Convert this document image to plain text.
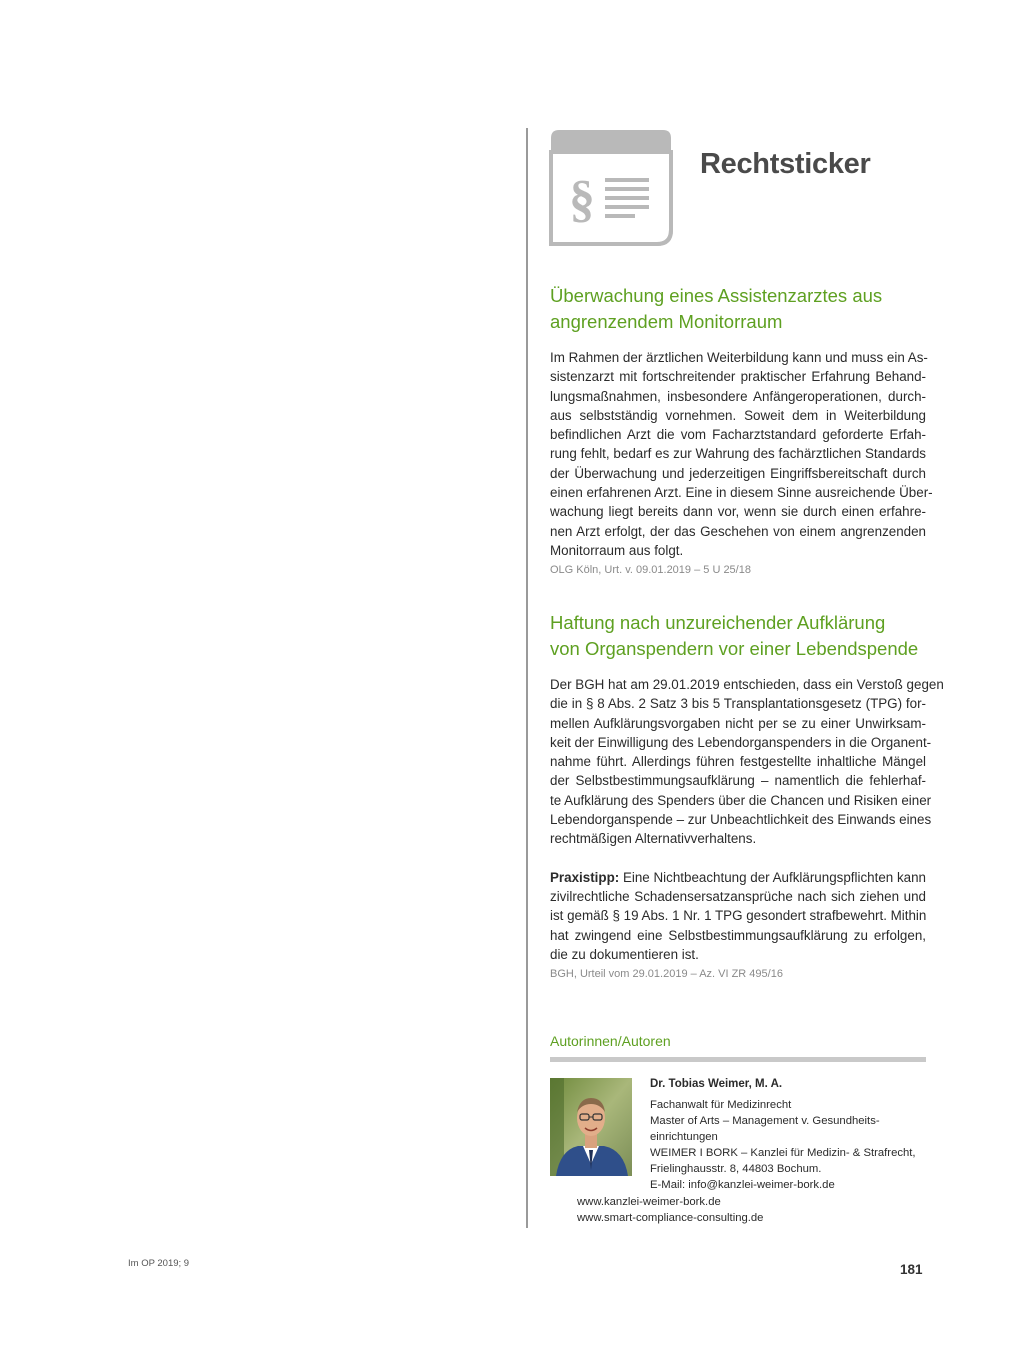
§
Rechtsticker
Überwachung eines Assistenzarztes aus
angrenzendem Monitorraum

Im Rahmen der ärztlichen Weiterbildung kann und muss ein As-
sistenzarzt mit fortschreitender praktischer Erfahrung Behand-
lungsmaßnahmen, insbesondere Anfängeroperationen, durch-
aus selbstständig vornehmen. Soweit dem in Weiterbildung
befindlichen Arzt die vom Facharztstandard geforderte Erfah-
rung fehlt, bedarf es zur Wahrung des fachärztlichen Standards
der Überwachung und jederzeitigen Eingriffsbereitschaft durch
einen erfahrenen Arzt. Eine in diesem Sinne ausreichende Über-
wachung liegt bereits dann vor, wenn sie durch einen erfahre-
nen Arzt erfolgt, der das Geschehen von einem angrenzenden
Monitorraum aus folgt.

OLG Köln, Urt. v. 09.01.2019 – 5 U 25/18

Haftung nach unzureichender Aufklärung
von Organspendern vor einer Lebendspende

Der BGH hat am 29.01.2019 entschieden, dass ein Verstoß gegen
die in § 8 Abs. 2 Satz 3 bis 5 Transplantationsgesetz (TPG) for-
mellen Aufklärungsvorgaben nicht per se zu einer Unwirksam-
keit der Einwilligung des Lebendorganspenders in die Organent-
nahme führt. Allerdings führen festgestellte inhaltliche Mängel
der Selbstbestimmungsaufklärung – namentlich die fehlerhaf-
te Aufklärung des Spenders über die Chancen und Risiken einer
Lebendorganspende – zur Unbeachtlichkeit des Einwands eines
rechtmäßigen Alternativverhaltens.

Praxistipp: Eine Nichtbeachtung der Aufklärungspflichten kann
zivilrechtliche Schadensersatzansprüche nach sich ziehen und
ist gemäß § 19 Abs. 1 Nr. 1 TPG gesondert strafbewehrt. Mithin
hat zwingend eine Selbstbestimmungsaufklärung zu erfolgen,
die zu dokumentieren ist.

BGH, Urteil vom 29.01.2019 – Az. VI ZR 495/16

Autorinnen/Autoren

Dr. Tobias Weimer, M. A.

Fachanwalt für Medizinrecht
Master of Arts – Management v. Gesundheits-
einrichtungen
WEIMER I BORK – Kanzlei für Medizin- & Strafrecht,
Frielinghausstr. 8, 44803 Bochum.
E-Mail: info@kanzlei-weimer-bork.de

www.kanzlei-weimer-bork.de
www.smart-compliance-consulting.de

Im OP 2019; 9	181
